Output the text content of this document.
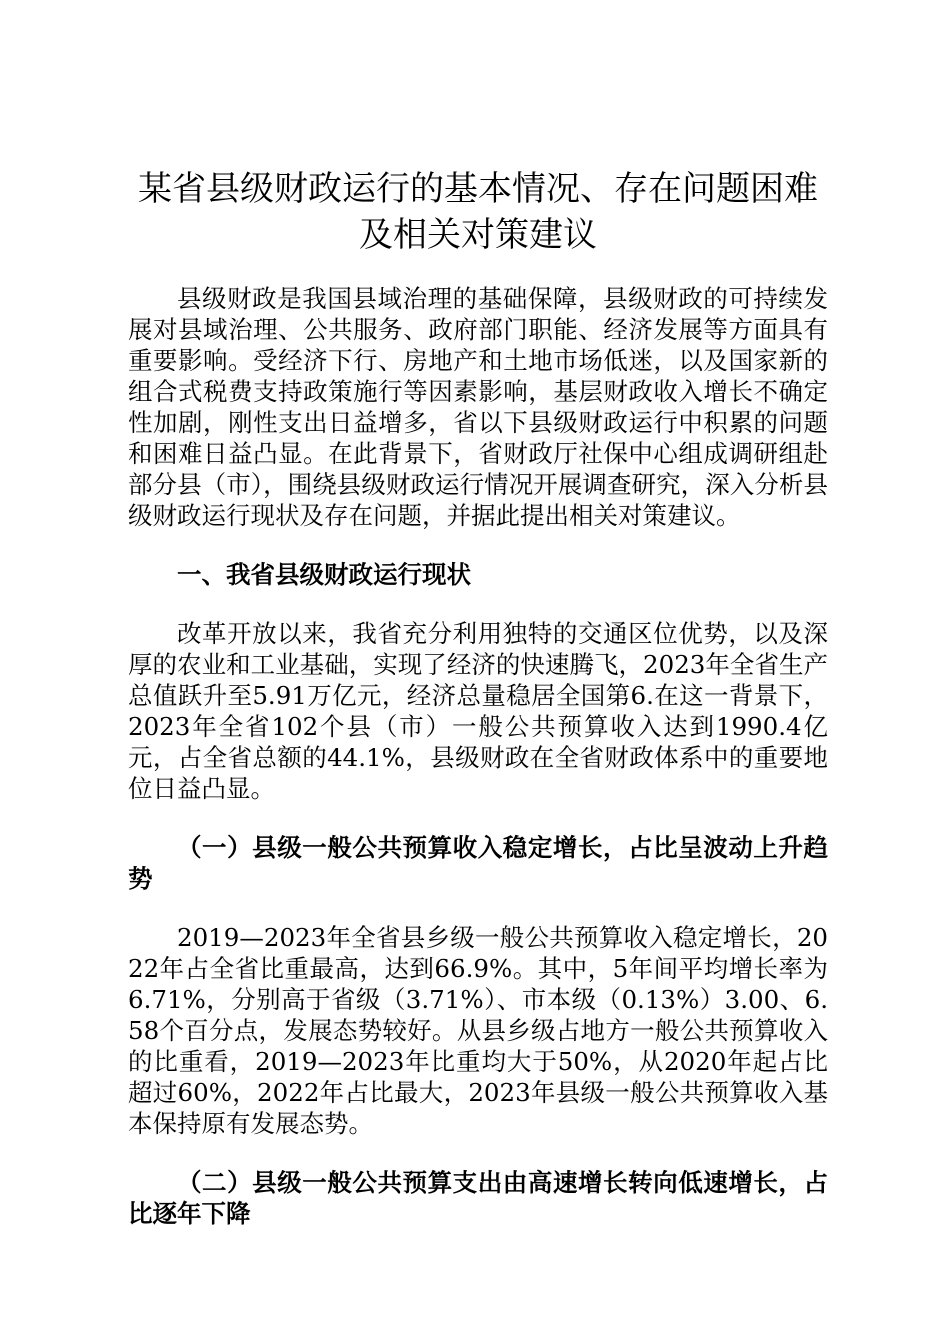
某省县级财政运行的基本情况、存在问题困难及相关对策建议

县级财政是我国县域治理的基础保障，县级财政的可持续发展对县域治理、公共服务、政府部门职能、经济发展等方面具有重要影响。受经济下行、房地产和土地市场低迷，以及国家新的组合式税费支持政策施行等因素影响，基层财政收入增长不确定性加剧，刚性支出日益增多，省以下县级财政运行中积累的问题和困难日益凸显。在此背景下，省财政厅社保中心组成调研组赴部分县（市），围绕县级财政运行情况开展调查研究，深入分析县级财政运行现状及存在问题，并据此提出相关对策建议。

一、我省县级财政运行现状

改革开放以来，我省充分利用独特的交通区位优势，以及深厚的农业和工业基础，实现了经济的快速腾飞，2023年全省生产总值跃升至5.91万亿元，经济总量稳居全国第6.在这一背景下，2023年全省102个县（市）一般公共预算收入达到1990.4亿元，占全省总额的44.1%，县级财政在全省财政体系中的重要地位日益凸显。

（一）县级一般公共预算收入稳定增长，占比呈波动上升趋势

2019—2023年全省县乡级一般公共预算收入稳定增长，2022年占全省比重最高，达到66.9%。其中，5年间平均增长率为6.71%，分别高于省级（3.71%）、市本级（0.13%）3.00、6.58个百分点，发展态势较好。从县乡级占地方一般公共预算收入的比重看，2019—2023年比重均大于50%，从2020年起占比超过60%，2022年占比最大，2023年县级一般公共预算收入基本保持原有发展态势。

（二）县级一般公共预算支出由高速增长转向低速增长，占比逐年下降
